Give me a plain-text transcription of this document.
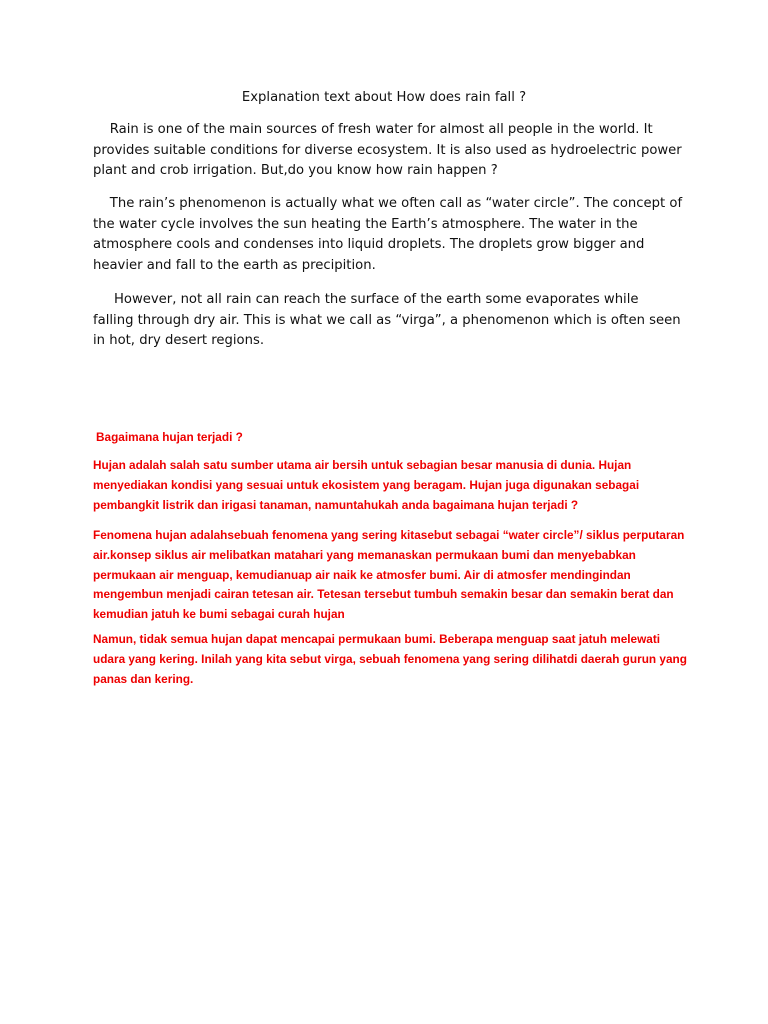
Explanation text about How does rain fall ?

Rain is one of the main sources of fresh water for almost all people in the world. It provides suitable conditions for diverse ecosystem. It is also used as hydroelectric power plant and crob irrigation. But,do you know how rain happen ?

The rain’s phenomenon is actually what we often call as “water circle”. The concept of the water cycle involves the sun heating the Earth’s atmosphere. The water in the atmosphere cools and condenses into liquid droplets. The droplets grow bigger and heavier and fall to the earth as precipition.

However, not all rain can reach the surface of the earth some evaporates while falling through dry air. This is what we call as “virga”, a phenomenon which is often seen in hot, dry desert regions.

Bagaimana hujan terjadi ?

Hujan adalah salah satu sumber utama air bersih untuk sebagian besar manusia di dunia. Hujan menyediakan kondisi yang sesuai untuk ekosistem yang beragam. Hujan juga digunakan sebagai pembangkit listrik dan irigasi tanaman, namuntahukah anda bagaimana hujan terjadi ?

Fenomena hujan adalahsebuah fenomena yang sering kitasebut sebagai “water circle”/ siklus perputaran air.konsep siklus air melibatkan matahari yang memanaskan permukaan bumi dan menyebabkan permukaan air menguap, kemudianuap air naik ke atmosfer bumi. Air di atmosfer mendingindan mengembun menjadi cairan tetesan air. Tetesan tersebut tumbuh semakin besar dan semakin berat dan kemudian jatuh ke bumi sebagai curah hujan

Namun, tidak semua hujan dapat mencapai permukaan bumi. Beberapa menguap saat jatuh melewati udara yang kering. Inilah yang kita sebut virga, sebuah fenomena yang sering dilihatdi daerah gurun yang panas dan kering.
